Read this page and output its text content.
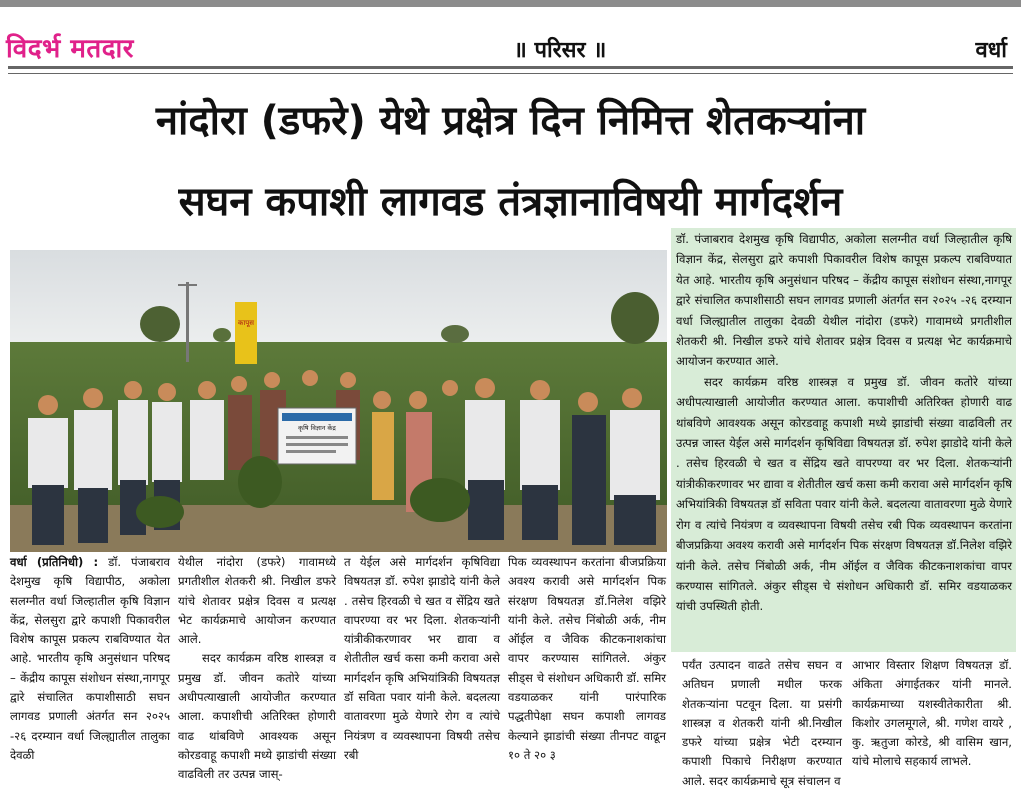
विदर्भ मतदार	॥ परिसर ॥	वर्धा
नांदोरा (डफरे) येथे प्रक्षेत्र दिन निमित्त शेतकऱ्यांना
सघन कपाशी लागवड तंत्रज्ञानाविषयी मार्गदर्शन
कापूस
कृषि विज्ञान केंद्र

वर्धा (प्रतिनिधी) : डॉ. पंजाबराव देशमुख कृषि विद्यापीठ, अकोला सलग्नीत वर्धा जिल्हातील कृषि विज्ञान केंद्र, सेलसुरा द्वारे कपाशी पिकावरील विशेष कापूस प्रकल्प राबविण्यात येत आहे. भारतीय कृषि अनुसंधान परिषद – केंद्रीय कापूस संशोधन संस्था,नागपूर द्वारे संचालित कपाशीसाठी सघन लागवड प्रणाली अंतर्गत सन २०२५ -२६ दरम्यान वर्धा जिल्ह्यातील तालुका देवळी

येथील नांदोरा (डफरे) गावामध्ये प्रगतीशील शेतकरी श्री. निखील डफरे यांचे शेतावर प्रक्षेत्र दिवस व प्रत्यक्ष भेट कार्यक्रमाचे आयोजन करण्यात आले.

सदर कार्यक्रम वरिष्ठ शास्त्रज्ञ व प्रमुख डॉ. जीवन कतोरे यांच्या अधीपत्याखाली आयोजीत करण्यात आला. कपाशीची अतिरिक्त होणारी वाढ थांबविणे आवश्यक असून कोरडवाहू कपाशी मध्ये झाडांची संख्या वाढविली तर उत्पन्न जास्-

त येईल असे मार्गदर्शन कृषिविद्या विषयतज्ञ डॉ. रुपेश झाडोदे यांनी केले . तसेच हिरवळी चे खत व सेंद्रिय खते वापरण्या वर भर दिला. शेतकऱ्यांनी यांत्रीकीकरणावर भर द्यावा व शेतीतील खर्च कसा कमी करावा असे मार्गदर्शन कृषि अभियांत्रिकी विषयतज्ञ डॉ सविता पवार यांनी केले. बदलत्या वातावरणा मुळे येणारे रोग व त्यांचे नियंत्रण व व्यवस्थापना विषयी तसेच रबी

पिक व्यवस्थापन करतांना बीजप्रक्रिया अवश्य करावी असे मार्गदर्शन पिक संरक्षण विषयतज्ञ डॉ.निलेश वझिरे यांनी केले. तसेच निंबोळी अर्क, नीम ऑईल व जैविक कीटकनाशकांचा वापर करण्यास सांगितले. अंकुर सीड्स चे संशोधन अधिकारी डॉ. समिर वडयाळकर यांनी पारंपारिक पद्धतीपेक्षा सघन कपाशी लागवड केल्याने झाडांची संख्या तीनपट वाढून १० ते २० ३

पर्यंत उत्पादन वाढते तसेच सघन व अतिघन प्रणाली मधील फरक शेतकऱ्यांना पटवून दिला. या प्रसंगी शास्त्रज्ञ व शेतकरी यांनी श्री.निखील डफरे यांच्या प्रक्षेत्र भेटी दरम्यान कपाशी पिकाचे निरीक्षण करण्यात आले. सदर कार्यक्रमाचे सूत्र संचालन व

आभार विस्तार शिक्षण विषयतज्ञ डॉ. अंकिता अंगाईतकर यांनी मानले. कार्यक्रमाच्या यशस्वीतेकारीता श्री. किशोर उगलमूगले, श्री. गणेश वायरे , कु. ऋतुजा कोरडे, श्री वासिम खान, यांचे मोलाचे सहकार्य लाभले.

डॉ. पंजाबराव देशमुख कृषि विद्यापीठ, अकोला सलग्नीत वर्धा जिल्हातील कृषि विज्ञान केंद्र, सेलसुरा द्वारे कपाशी पिकावरील विशेष कापूस प्रकल्प राबविण्यात येत आहे. भारतीय कृषि अनुसंधान परिषद – केंद्रीय कापूस संशोधन संस्था,नागपूर द्वारे संचालित कपाशीसाठी सघन लागवड प्रणाली अंतर्गत सन २०२५ -२६ दरम्यान वर्धा जिल्ह्यातील तालुका देवळी येथील नांदोरा (डफरे) गावामध्ये प्रगतीशील शेतकरी श्री. निखील डफरे यांचे शेतावर प्रक्षेत्र दिवस व प्रत्यक्ष भेट कार्यक्रमाचे आयोजन करण्यात आले.

सदर कार्यक्रम वरिष्ठ शास्त्रज्ञ व प्रमुख डॉ. जीवन कतोरे यांच्या अधीपत्याखाली आयोजीत करण्यात आला. कपाशीची अतिरिक्त होणारी वाढ थांबविणे आवश्यक असून कोरडवाहू कपाशी मध्ये झाडांची संख्या वाढविली तर उत्पन्न जास्त येईल असे मार्गदर्शन कृषिविद्या विषयतज्ञ डॉ. रुपेश झाडोदे यांनी केले . तसेच हिरवळी चे खत व सेंद्रिय खते वापरण्या वर भर दिला. शेतकऱ्यांनी यांत्रीकीकरणावर भर द्यावा व शेतीतील खर्च कसा कमी करावा असे मार्गदर्शन कृषि अभियांत्रिकी विषयतज्ञ डॉ सविता पवार यांनी केले. बदलत्या वातावरणा मुळे येणारे रोग व त्यांचे नियंत्रण व व्यवस्थापना विषयी तसेच रबी पिक व्यवस्थापन करतांना बीजप्रक्रिया अवश्य करावी असे मार्गदर्शन पिक संरक्षण विषयतज्ञ डॉ.निलेश वझिरे यांनी केले. तसेच निंबोळी अर्क, नीम ऑईल व जैविक कीटकनाशकांचा वापर करण्यास सांगितले. अंकुर सीड्स चे संशोधन अधिकारी डॉ. समिर वडयाळकर यांची उपस्थिती होती.
